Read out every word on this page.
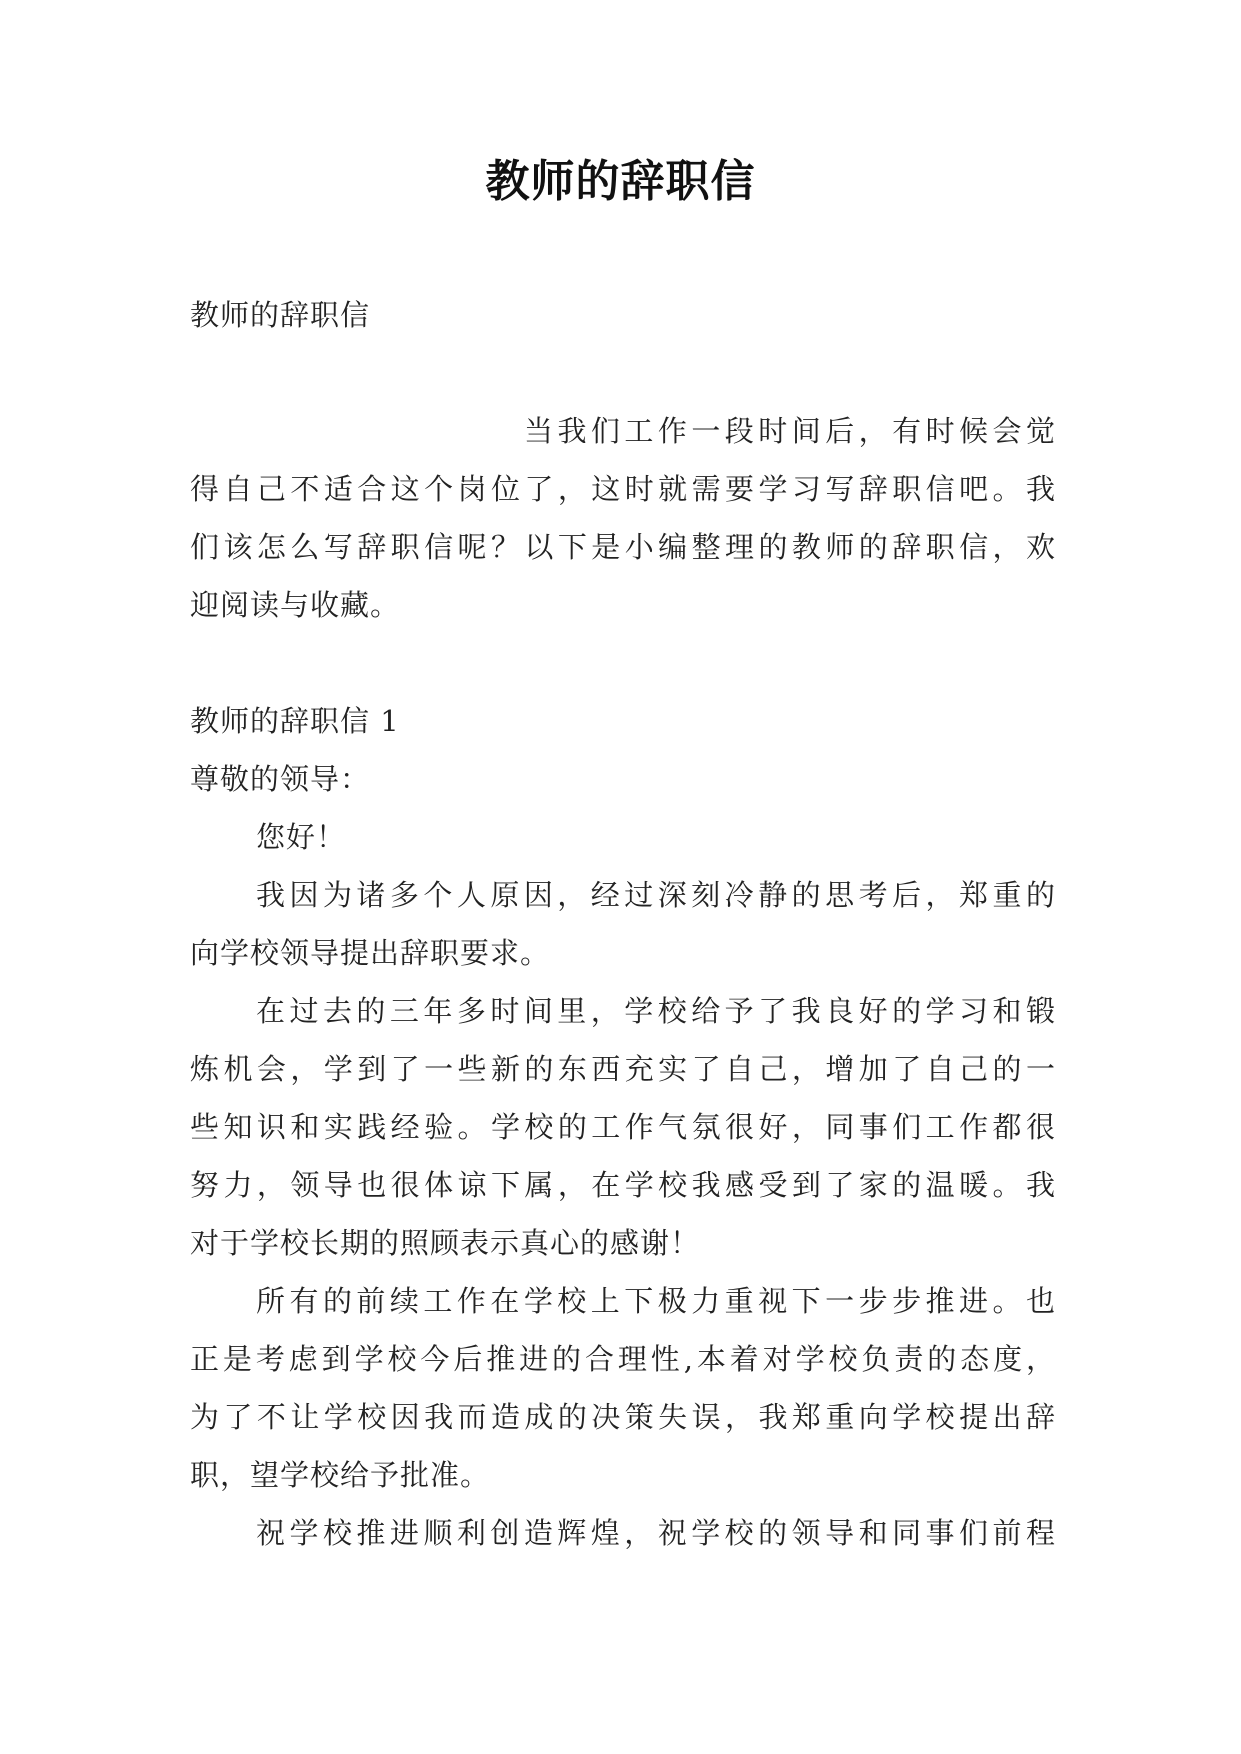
教师的辞职信

教师的辞职信

当我们工作一段时间后，有时候会觉

得自己不适合这个岗位了，这时就需要学习写辞职信吧。我

们该怎么写辞职信呢？以下是小编整理的教师的辞职信，欢

迎阅读与收藏。

教师的辞职信 1

尊敬的领导：

您好！

我因为诸多个人原因，经过深刻冷静的思考后，郑重的

向学校领导提出辞职要求。

在过去的三年多时间里，学校给予了我良好的学习和锻

炼机会，学到了一些新的东西充实了自己，增加了自己的一

些知识和实践经验。学校的工作气氛很好，同事们工作都很

努力，领导也很体谅下属，在学校我感受到了家的温暖。我

对于学校长期的照顾表示真心的感谢！

所有的前续工作在学校上下极力重视下一步步推进。也

正是考虑到学校今后推进的合理性,本着对学校负责的态度，

为了不让学校因我而造成的决策失误，我郑重向学校提出辞

职，望学校给予批准。

祝学校推进顺利创造辉煌，祝学校的领导和同事们前程
